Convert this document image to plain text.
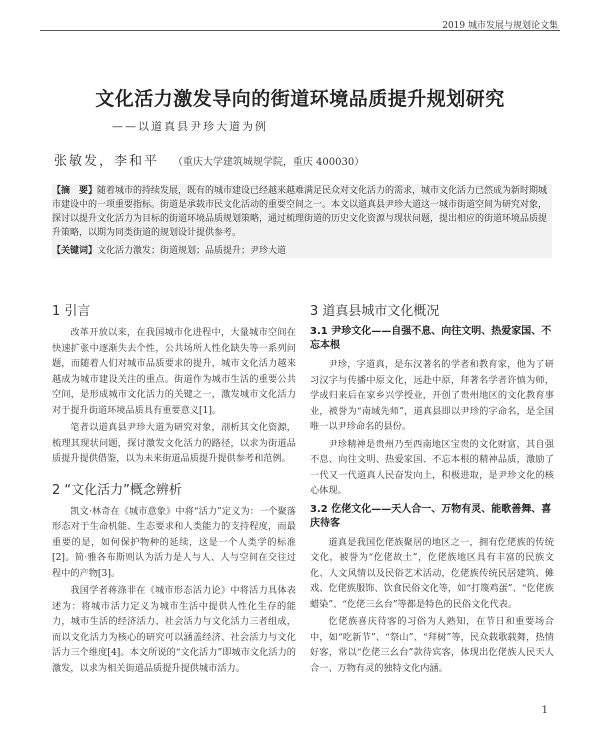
2019 城市发展与规划论文集
文化活力激发导向的街道环境品质提升规划研究
——以道真县尹珍大道为例
张敏发，李和平 （重庆大学建筑城规学院，重庆 400030）
【摘　要】随着城市的持续发展，既有的城市建设已经越来越难满足民众对文化活力的需求，城市文化活力已然成为新时期城市建设中的一项重要指标。街道是承载市民文化活动的重要空间之一。本文以道真县尹珍大道这一城市街道空间为研究对象，探讨以提升文化活力为目标的街道环境品质规划策略，通过梳理街道的历史文化资源与现状问题，提出相应的街道环境品质提升策略，以期为同类街道的规划设计提供参考。
【关键词】文化活力激发；街道规划；品质提升；尹珍大道
1 引言

改革开放以来，在我国城市化进程中，大量城市空间在快速扩张中逐渐失去个性，公共场所人性化缺失等一系列问题，而随着人们对城市品质要求的提升，城市文化活力越来越成为城市建设关注的重点。街道作为城市生活的重要公共空间，是形成城市文化活力的关键之一，激发城市文化活力对于提升街道环境品质具有重要意义[1]。

笔者以道真县尹珍大道为研究对象，剖析其文化资源，梳理其现状问题，探讨激发文化活力的路径，以求为街道品质提升提供借鉴，以为未来街道品质提升提供参考和范例。

2 “文化活力”概念辨析

凯文·林奇在《城市意象》中将“活力”定义为：一个聚落形态对于生命机能、生态要求和人类能力的支持程度，而最重要的是，如何保护物种的延续，这是一个人类学的标准[2]。简·雅各布斯则认为活力是人与人、人与空间在交往过程中的产物[3]。

我国学者蒋涤非在《城市形态活力论》中将活力具体表述为：将城市活力定义为城市生活中提供人性化生存的能力，城市生活的经济活力、社会活力与文化活力三者组成，而以文化活力为核心的研究可以涵盖经济、社会活力与文化活力三个维度[4]。本文所说的“文化活力”即城市文化活力的激发，以求为相关街道品质提升提供城市活力。

3 道真县城市文化概况
3.1 尹珍文化——自强不息、向往文明、热爱家国、不忘本根

尹珍，字道真，是东汉著名的学者和教育家，他为了研习汉字与传播中原文化，远赴中原，拜著名学者许慎为师，学成归来后在家乡兴学授业，开创了贵州地区的文化教育事业，被誉为“南域先师”，道真县即以尹珍的字命名，是全国唯一以尹珍命名的县份。

尹珍精神是贵州乃至西南地区宝贵的文化财富，其自强不息、向往文明、热爱家国、不忘本根的精神品质，激励了一代又一代道真人民奋发向上，积极进取，是尹珍文化的核心体现。

3.2 仡佬文化——天人合一、万物有灵、能歌善舞、喜庆待客

道真是我国仡佬族聚居的地区之一，拥有仡佬族的传统文化，被誉为“仡佬故土”，仡佬族地区具有丰富的民族文化、人文风情以及民俗艺术活动，仡佬族传统民居建筑、傩戏、仡佬族服饰、饮食民俗文化等，如“打篾鸡蛋”、“仡佬族蜡染”、“仡佬三幺台”等都是特色的民俗文化代表。

仡佬族喜庆待客的习俗为人熟知，在节日和重要场合中，如“吃新节”、“祭山”、“拜树”等，民众载歌载舞，热情好客，常以“仡佬三幺台”款待宾客，体现出仡佬族人民天人合一、万物有灵的独特文化内涵。

1
